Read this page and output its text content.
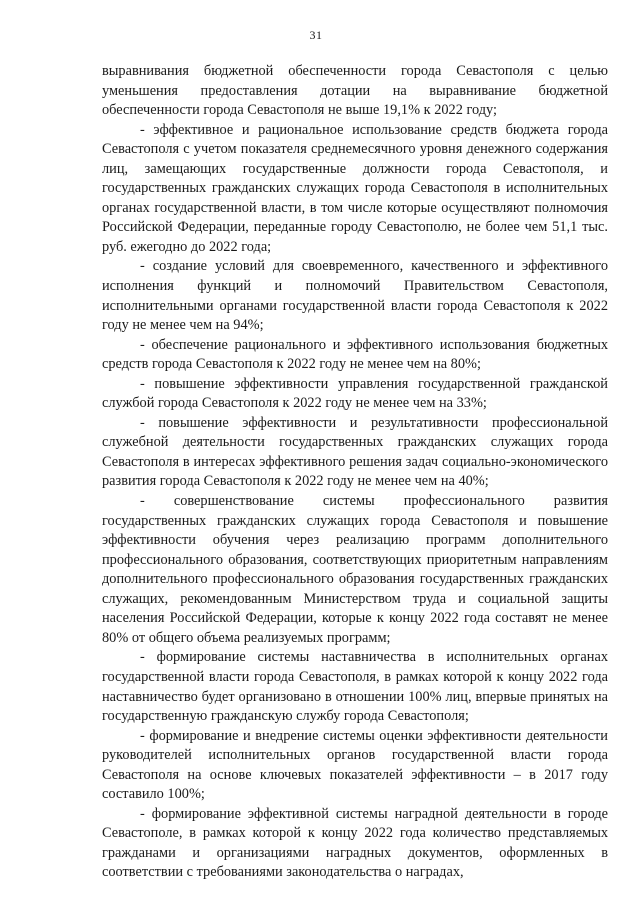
31

выравнивания бюджетной обеспеченности города Севастополя с целью уменьшения предоставления дотации на выравнивание бюджетной обеспеченности города Севастополя не выше 19,1% к 2022 году;

- эффективное и рациональное использование средств бюджета города Севастополя с учетом показателя среднемесячного уровня денежного содержания лиц, замещающих государственные должности города Севастополя, и государственных гражданских служащих города Севастополя в исполнительных органах государственной власти, в том числе которые осуществляют полномочия Российской Федерации, переданные городу Севастополю, не более чем 51,1 тыс. руб. ежегодно до 2022 года;

- создание условий для своевременного, качественного и эффективного исполнения функций и полномочий Правительством Севастополя, исполнительными органами государственной власти города Севастополя к 2022 году не менее чем на 94%;

- обеспечение рационального и эффективного использования бюджетных средств города Севастополя к 2022 году не менее чем на 80%;

- повышение эффективности управления государственной гражданской службой города Севастополя к 2022 году не менее чем на 33%;

- повышение эффективности и результативности профессиональной служебной деятельности государственных гражданских служащих города Севастополя в интересах эффективного решения задач социально-экономического развития города Севастополя к 2022 году не менее чем на 40%;

- совершенствование системы профессионального развития государственных гражданских служащих города Севастополя и повышение эффективности обучения через реализацию программ дополнительного профессионального образования, соответствующих приоритетным направлениям дополнительного профессионального образования государственных гражданских служащих, рекомендованным Министерством труда и социальной защиты населения Российской Федерации, которые к концу 2022 года составят не менее 80% от общего объема реализуемых программ;

- формирование системы наставничества в исполнительных органах государственной власти города Севастополя, в рамках которой к концу 2022 года наставничество будет организовано в отношении 100% лиц, впервые принятых на государственную гражданскую службу города Севастополя;

- формирование и внедрение системы оценки эффективности деятельности руководителей исполнительных органов государственной власти города Севастополя на основе ключевых показателей эффективности – в 2017 году составило 100%;

- формирование эффективной системы наградной деятельности в городе Севастополе, в рамках которой к концу 2022 года количество представляемых гражданами и организациями наградных документов, оформленных в соответствии с требованиями законодательства о наградах,
